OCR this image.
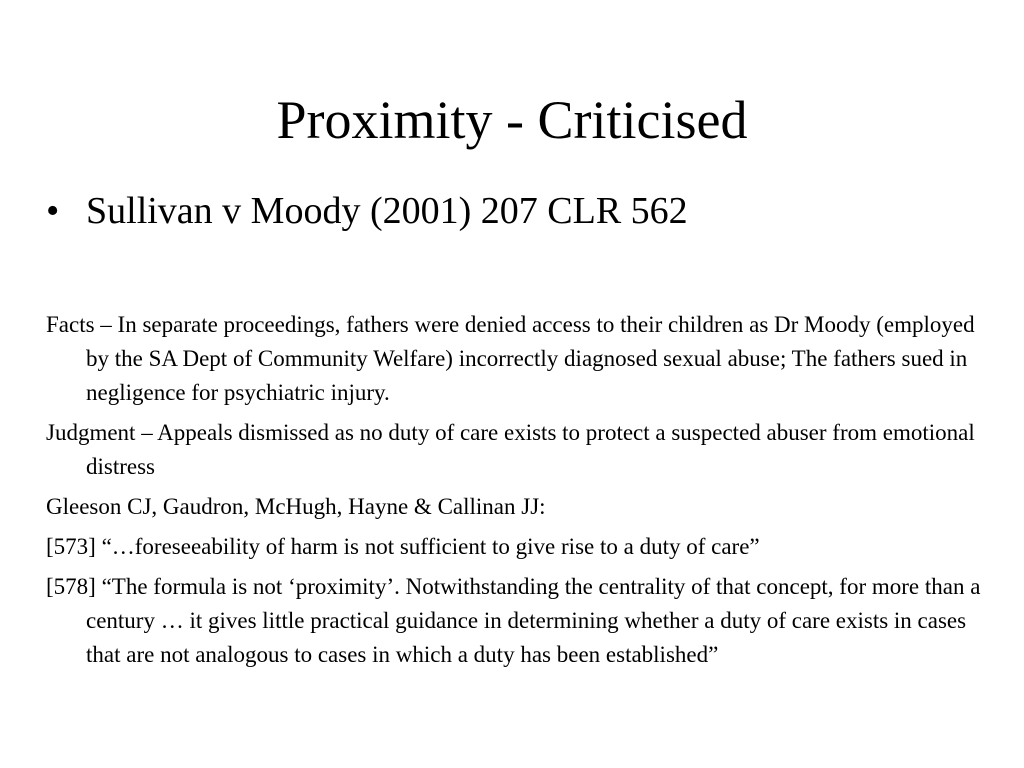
Proximity - Criticised
• Sullivan v Moody (2001) 207 CLR 562

Facts – In separate proceedings, fathers were denied access to their children as Dr Moody (employed by the SA Dept of Community Welfare) incorrectly diagnosed sexual abuse; The fathers sued in negligence for psychiatric injury.

Judgment – Appeals dismissed as no duty of care exists to protect a suspected abuser from emotional distress

Gleeson CJ, Gaudron, McHugh, Hayne & Callinan JJ:

[573] “…foreseeability of harm is not sufficient to give rise to a duty of care”

[578] “The formula is not ‘proximity’. Notwithstanding the centrality of that concept, for more than a century … it gives little practical guidance in determining whether a duty of care exists in cases that are not analogous to cases in which a duty has been established”
